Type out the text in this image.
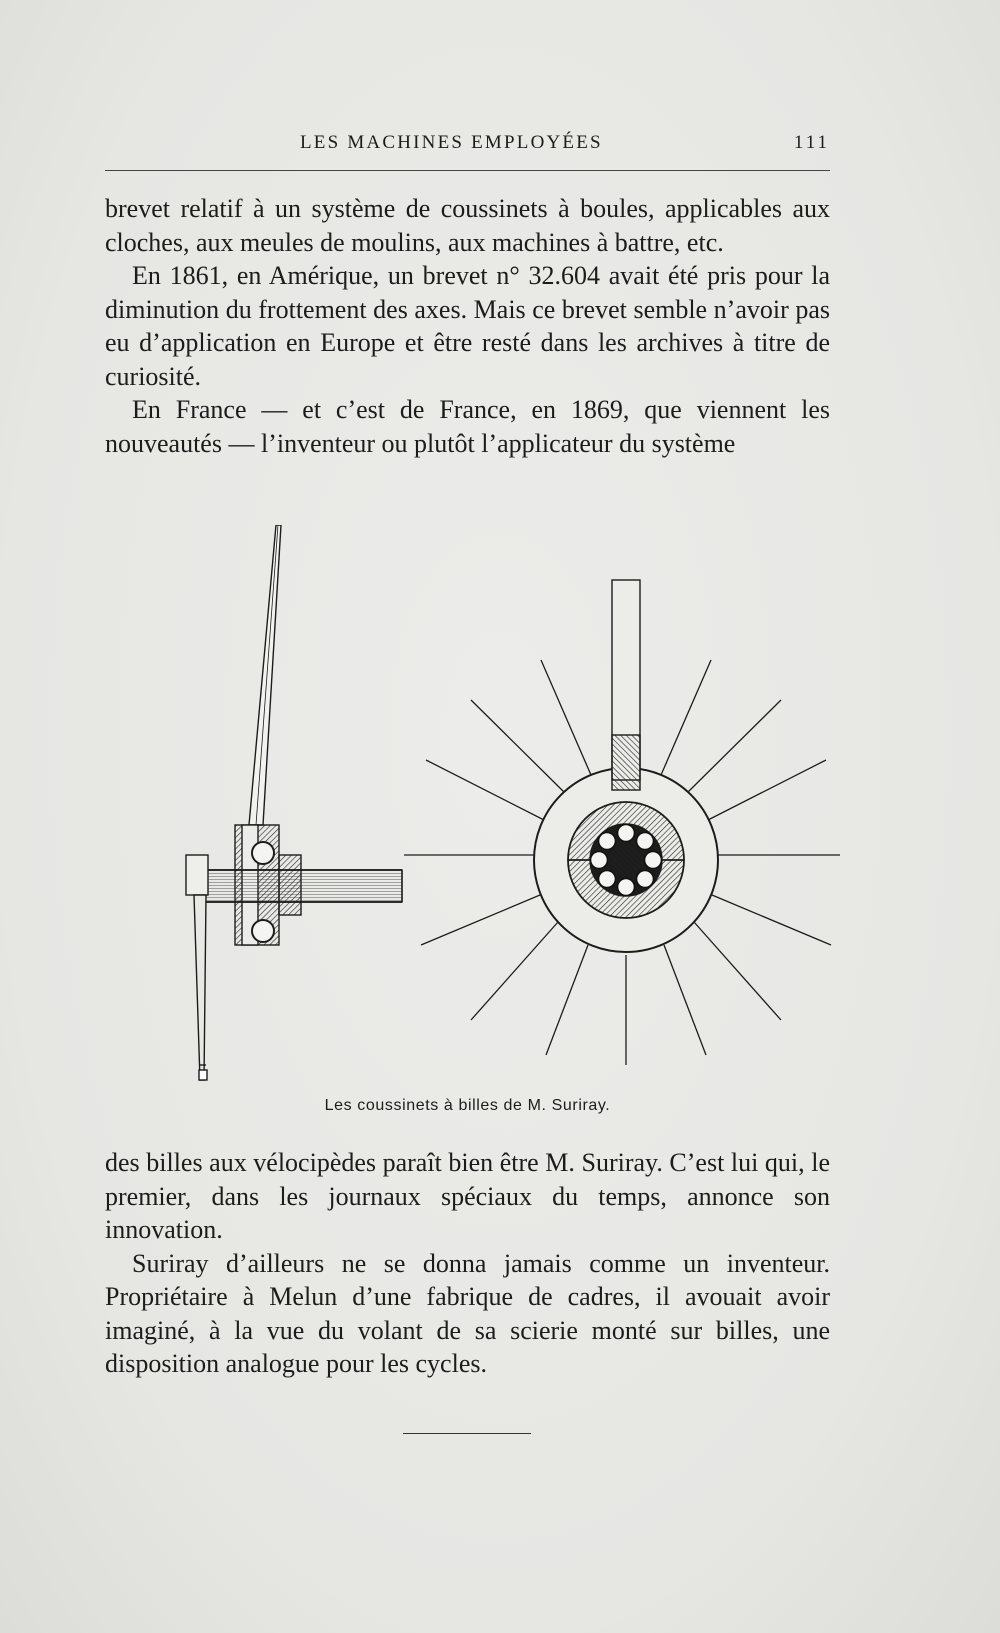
LES MACHINES EMPLOYÉES	111

brevet relatif à un système de coussinets à boules, applicables aux cloches, aux meules de moulins, aux machines à battre, etc.

En 1861, en Amérique, un brevet n° 32.604 avait été pris pour la diminution du frottement des axes. Mais ce brevet semble n’avoir pas eu d’application en Europe et être resté dans les archives à titre de curiosité.

En France — et c’est de France, en 1869, que viennent les nouveautés — l’inventeur ou plutôt l’applicateur du système

Les coussinets à billes de M. Suriray.

des billes aux vélocipèdes paraît bien être M. Suriray. C’est lui qui, le premier, dans les journaux spéciaux du temps, annonce son innovation.

Suriray d’ailleurs ne se donna jamais comme un inventeur. Propriétaire à Melun d’une fabrique de cadres, il avouait avoir imaginé, à la vue du volant de sa scierie monté sur billes, une disposition analogue pour les cycles.
